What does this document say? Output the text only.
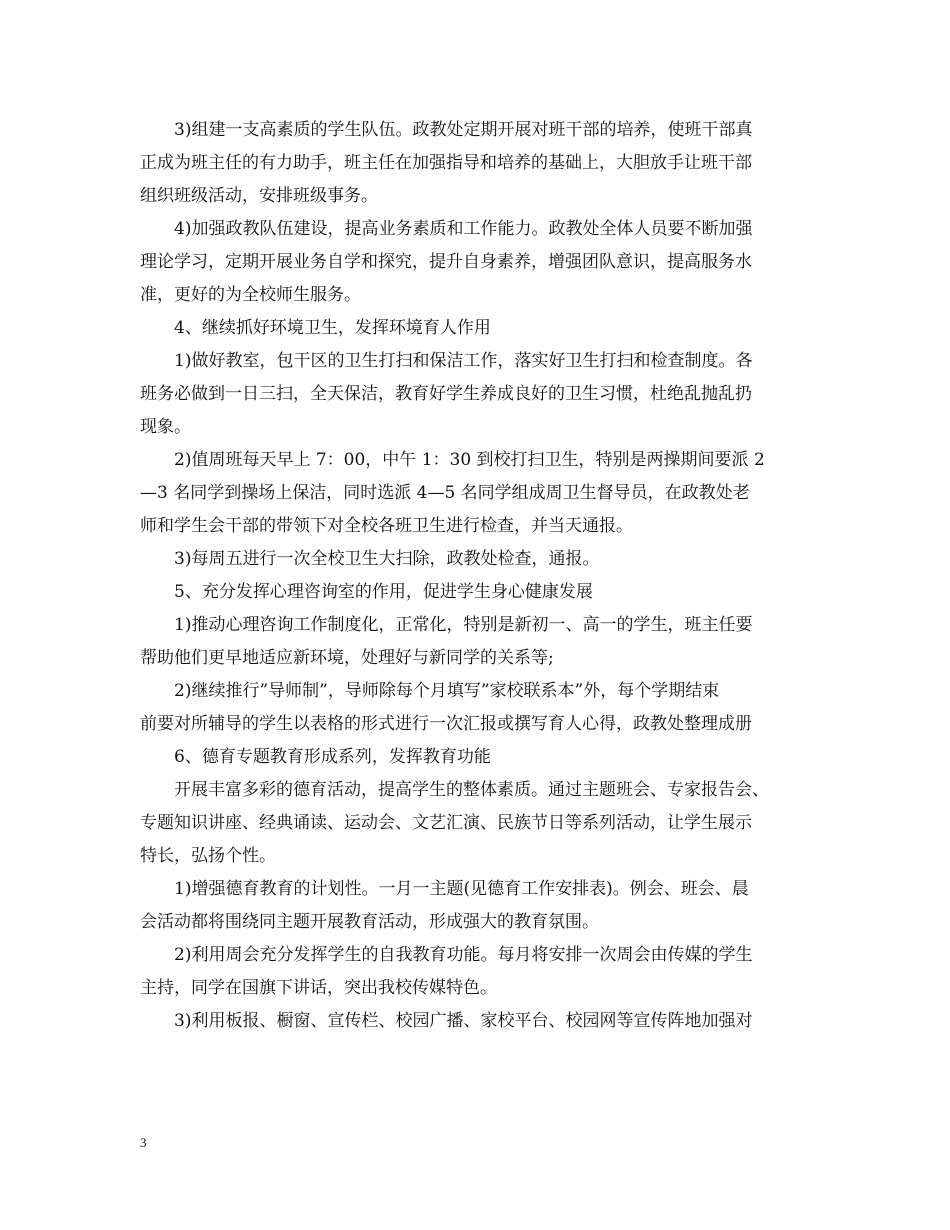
3)组建一支高素质的学生队伍。政教处定期开展对班干部的培养，使班干部真
正成为班主任的有力助手，班主任在加强指导和培养的基础上，大胆放手让班干部
组织班级活动，安排班级事务。
4)加强政教队伍建设，提高业务素质和工作能力。政教处全体人员要不断加强
理论学习，定期开展业务自学和探究，提升自身素养，增强团队意识，提高服务水
准，更好的为全校师生服务。
4、继续抓好环境卫生，发挥环境育人作用
1)做好教室，包干区的卫生打扫和保洁工作，落实好卫生打扫和检查制度。各
班务必做到一日三扫，全天保洁，教育好学生养成良好的卫生习惯，杜绝乱抛乱扔
现象。
2)值周班每天早上 7：00，中午 1：30 到校打扫卫生，特别是两操期间要派 2
—3 名同学到操场上保洁，同时选派 4—5 名同学组成周卫生督导员，在政教处老
师和学生会干部的带领下对全校各班卫生进行检查，并当天通报。
3)每周五进行一次全校卫生大扫除，政教处检查，通报。
5、充分发挥心理咨询室的作用，促进学生身心健康发展
1)推动心理咨询工作制度化，正常化，特别是新初一、高一的学生，班主任要
帮助他们更早地适应新环境，处理好与新同学的关系等;
2)继续推行”导师制”，导师除每个月填写”家校联系本”外，每个学期结束
前要对所辅导的学生以表格的形式进行一次汇报或撰写育人心得，政教处整理成册
6、德育专题教育形成系列，发挥教育功能
开展丰富多彩的德育活动，提高学生的整体素质。通过主题班会、专家报告会、
专题知识讲座、经典诵读、运动会、文艺汇演、民族节日等系列活动，让学生展示
特长，弘扬个性。
1)增强德育教育的计划性。一月一主题(见德育工作安排表)。例会、班会、晨
会活动都将围绕同主题开展教育活动，形成强大的教育氛围。
2)利用周会充分发挥学生的自我教育功能。每月将安排一次周会由传媒的学生
主持，同学在国旗下讲话，突出我校传媒特色。
3)利用板报、橱窗、宣传栏、校园广播、家校平台、校园网等宣传阵地加强对
3
